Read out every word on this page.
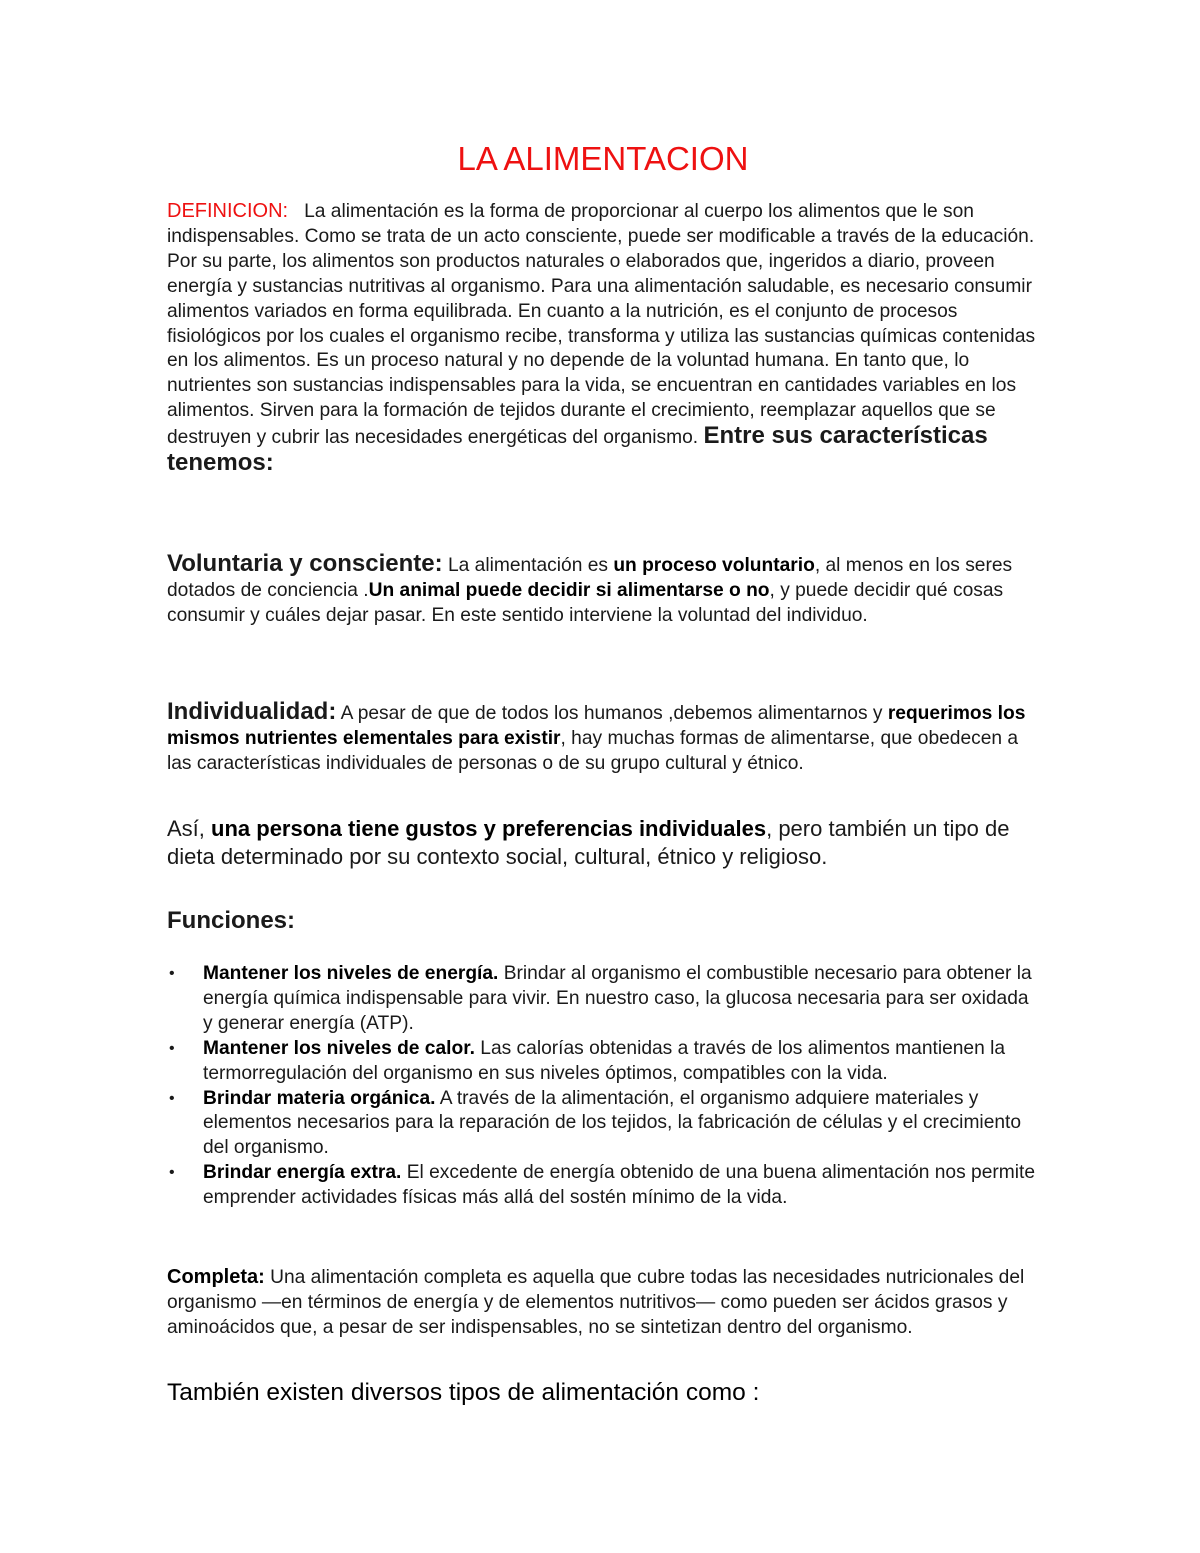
LA ALIMENTACION
DEFINICION: La alimentación es la forma de proporcionar al cuerpo los alimentos que le son indispensables. Como se trata de un acto consciente, puede ser modificable a través de la educación. Por su parte, los alimentos son productos naturales o elaborados que, ingeridos a diario, proveen energía y sustancias nutritivas al organismo. Para una alimentación saludable, es necesario consumir alimentos variados en forma equilibrada. En cuanto a la nutrición, es el conjunto de procesos fisiológicos por los cuales el organismo recibe, transforma y utiliza las sustancias químicas contenidas en los alimentos. Es un proceso natural y no depende de la voluntad humana. En tanto que, lo nutrientes son sustancias indispensables para la vida, se encuentran en cantidades variables en los alimentos. Sirven para la formación de tejidos durante el crecimiento, reemplazar aquellos que se destruyen y cubrir las necesidades energéticas del organismo. Entre sus características tenemos:
Voluntaria y consciente: La alimentación es un proceso voluntario, al menos en los seres dotados de conciencia .Un animal puede decidir si alimentarse o no, y puede decidir qué cosas consumir y cuáles dejar pasar. En este sentido interviene la voluntad del individuo.
Individualidad: A pesar de que de todos los humanos ,debemos alimentarnos y requerimos los mismos nutrientes elementales para existir, hay muchas formas de alimentarse, que obedecen a las características individuales de personas o de su grupo cultural y étnico.
Así, una persona tiene gustos y preferencias individuales, pero también un tipo de dieta determinado por su contexto social, cultural, étnico y religioso.
Funciones:
• Mantener los niveles de energía. Brindar al organismo el combustible necesario para obtener la energía química indispensable para vivir. En nuestro caso, la glucosa necesaria para ser oxidada y generar energía (ATP).
• Mantener los niveles de calor. Las calorías obtenidas a través de los alimentos mantienen la termorregulación del organismo en sus niveles óptimos, compatibles con la vida.
• Brindar materia orgánica. A través de la alimentación, el organismo adquiere materiales y elementos necesarios para la reparación de los tejidos, la fabricación de células y el crecimiento del organismo.
• Brindar energía extra. El excedente de energía obtenido de una buena alimentación nos permite emprender actividades físicas más allá del sostén mínimo de la vida.
Completa: Una alimentación completa es aquella que cubre todas las necesidades nutricionales del organismo —en términos de energía y de elementos nutritivos— como pueden ser ácidos grasos y aminoácidos que, a pesar de ser indispensables, no se sintetizan dentro del organismo.
También existen diversos tipos de alimentación como :
